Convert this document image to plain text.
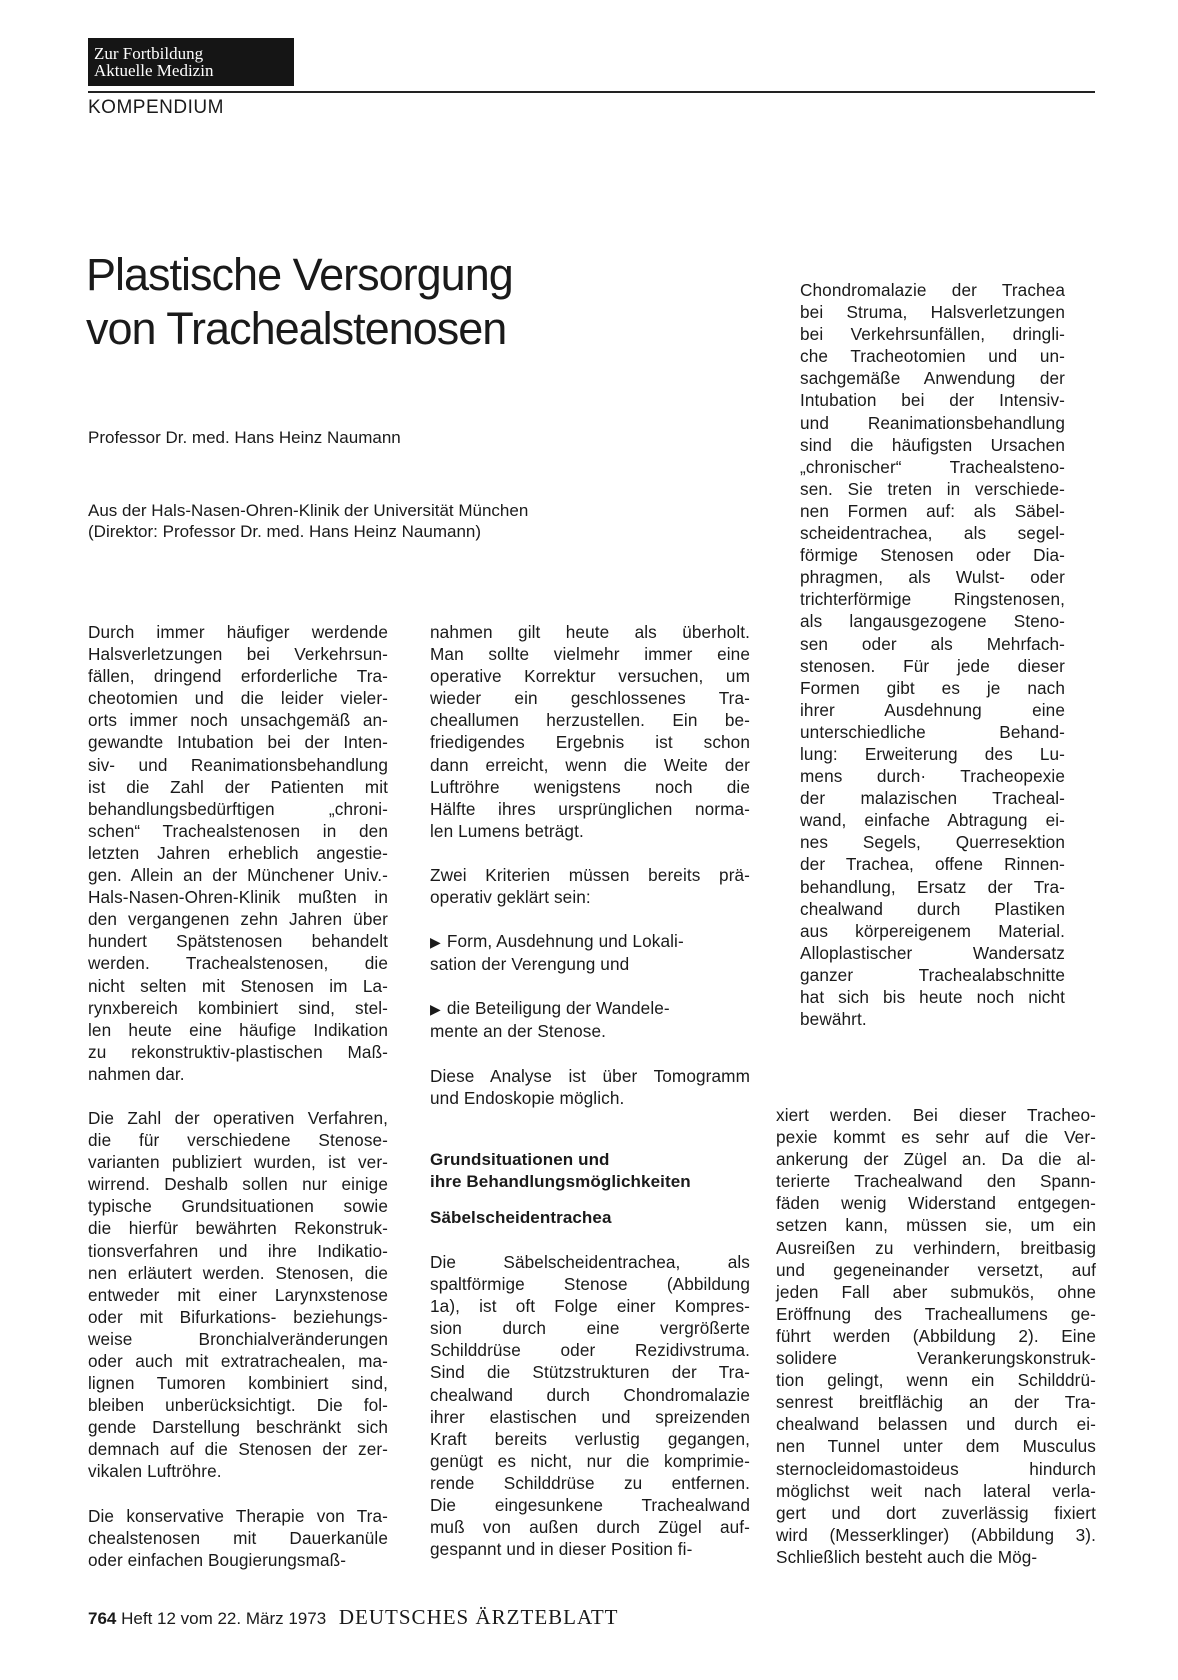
Zur Fortbildung
Aktuelle Medizin
KOMPENDIUM
Plastische Versorgung
von Trachealstenosen
Professor Dr. med. Hans Heinz Naumann
Aus der Hals-Nasen-Ohren-Klinik der Universität München
(Direktor: Professor Dr. med. Hans Heinz Naumann)
Durch immer häufiger werdende
Halsverletzungen bei Verkehrsun-
fällen, dringend erforderliche Tra-
cheotomien und die leider vieler-
orts immer noch unsachgemäß an-
gewandte Intubation bei der Inten-
siv- und Reanimationsbehandlung
ist die Zahl der Patienten mit
behandlungsbedürftigen „chroni-
schen“ Trachealstenosen in den
letzten Jahren erheblich angestie-
gen. Allein an der Münchener Univ.-
Hals-Nasen-Ohren-Klinik mußten in
den vergangenen zehn Jahren über
hundert Spätstenosen behandelt
werden. Trachealstenosen, die
nicht selten mit Stenosen im La-
rynxbereich kombiniert sind, stel-
len heute eine häufige Indikation
zu rekonstruktiv-plastischen Maß-
nahmen dar.
Die Zahl der operativen Verfahren,
die für verschiedene Stenose-
varianten publiziert wurden, ist ver-
wirrend. Deshalb sollen nur einige
typische Grundsituationen sowie
die hierfür bewährten Rekonstruk-
tionsverfahren und ihre Indikatio-
nen erläutert werden. Stenosen, die
entweder mit einer Larynxstenose
oder mit Bifurkations- beziehungs-
weise Bronchialveränderungen
oder auch mit extratrachealen, ma-
lignen Tumoren kombiniert sind,
bleiben unberücksichtigt. Die fol-
gende Darstellung beschränkt sich
demnach auf die Stenosen der zer-
vikalen Luftröhre.
Die konservative Therapie von Tra-
chealstenosen mit Dauerkanüle
oder einfachen Bougierungsmaß-
nahmen gilt heute als überholt.
Man sollte vielmehr immer eine
operative Korrektur versuchen, um
wieder ein geschlossenes Tra-
cheallumen herzustellen. Ein be-
friedigendes Ergebnis ist schon
dann erreicht, wenn die Weite der
Luftröhre wenigstens noch die
Hälfte ihres ursprünglichen norma-
len Lumens beträgt.
Zwei Kriterien müssen bereits prä-
operativ geklärt sein:
▶ Form, Ausdehnung und Lokali-
sation der Verengung und
▶ die Beteiligung der Wandele-
mente an der Stenose.
Diese Analyse ist über Tomogramm
und Endoskopie möglich.
Grundsituationen und
ihre Behandlungsmöglichkeiten
Säbelscheidentrachea
Die Säbelscheidentrachea, als
spaltförmige Stenose (Abbildung
1a), ist oft Folge einer Kompres-
sion durch eine vergrößerte
Schilddrüse oder Rezidivstruma.
Sind die Stützstrukturen der Tra-
chealwand durch Chondromalazie
ihrer elastischen und spreizenden
Kraft bereits verlustig gegangen,
genügt es nicht, nur die komprimie-
rende Schilddrüse zu entfernen.
Die eingesunkene Trachealwand
muß von außen durch Zügel auf-
gespannt und in dieser Position fi-
Chondromalazie der Trachea
bei Struma, Halsverletzungen
bei Verkehrsunfällen, dringli-
che Tracheotomien und un-
sachgemäße Anwendung der
Intubation bei der Intensiv-
und Reanimationsbehandlung
sind die häufigsten Ursachen
„chronischer“ Trachealsteno-
sen. Sie treten in verschiede-
nen Formen auf: als Säbel-
scheidentrachea, als segel-
förmige Stenosen oder Dia-
phragmen, als Wulst- oder
trichterförmige Ringstenosen,
als langausgezogene Steno-
sen oder als Mehrfach-
stenosen. Für jede dieser
Formen gibt es je nach
ihrer Ausdehnung eine
unterschiedliche Behand-
lung: Erweiterung des Lu-
mens durch· Tracheopexie
der malazischen Tracheal-
wand, einfache Abtragung ei-
nes Segels, Querresektion
der Trachea, offene Rinnen-
behandlung, Ersatz der Tra-
chealwand durch Plastiken
aus körpereigenem Material.
Alloplastischer Wandersatz
ganzer Trachealabschnitte
hat sich bis heute noch nicht
bewährt.
xiert werden. Bei dieser Tracheo-
pexie kommt es sehr auf die Ver-
ankerung der Zügel an. Da die al-
terierte Trachealwand den Spann-
fäden wenig Widerstand entgegen-
setzen kann, müssen sie, um ein
Ausreißen zu verhindern, breitbasig
und gegeneinander versetzt, auf
jeden Fall aber submukös, ohne
Eröffnung des Tracheallumens ge-
führt werden (Abbildung 2). Eine
solidere Verankerungskonstruk-
tion gelingt, wenn ein Schilddrü-
senrest breitflächig an der Tra-
chealwand belassen und durch ei-
nen Tunnel unter dem Musculus
sternocleidomastoideus hindurch
möglichst weit nach lateral verla-
gert und dort zuverlässig fixiert
wird (Messerklinger) (Abbildung 3).
Schließlich besteht auch die Mög-
764 Heft 12 vom 22. März 1973 DEUTSCHES ÄRZTEBLATT
